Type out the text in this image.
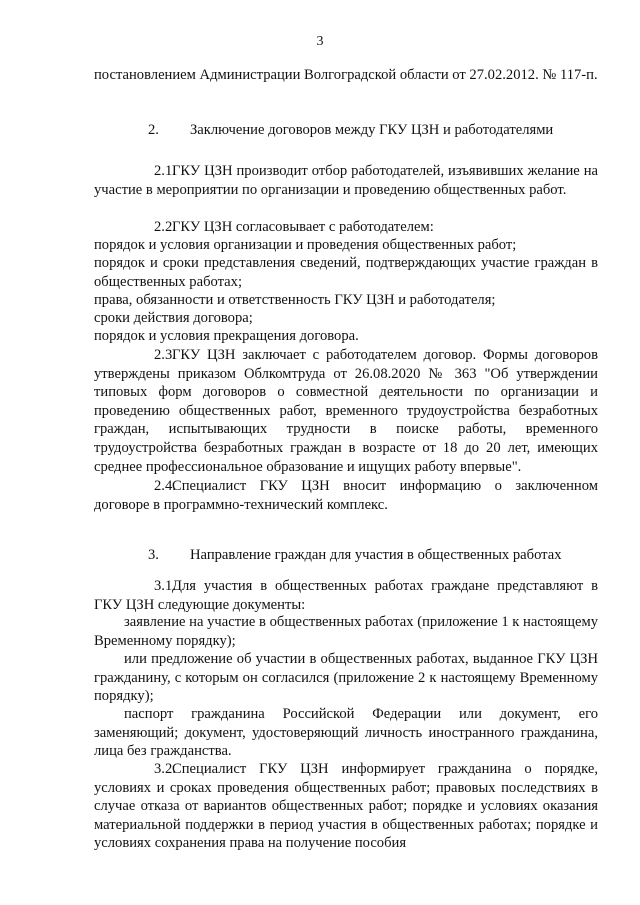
3
постановлением Администрации Волгоградской области от 27.02.2012. № 117-п.
2. Заключение договоров между ГКУ ЦЗН и работодателями
2.1.ГКУ ЦЗН производит отбор работодателей, изъявивших желание на участие в мероприятии по организации и проведению общественных работ.
2.2.ГКУ ЦЗН согласовывает с работодателем:
порядок и условия организации и проведения общественных работ;
порядок и сроки представления сведений, подтверждающих участие граждан в общественных работах;
права, обязанности и ответственность ГКУ ЦЗН и работодателя;
сроки действия договора;
порядок и условия прекращения договора.
2.3.ГКУ ЦЗН заключает с работодателем договор. Формы договоров утверждены приказом Облкомтруда от 26.08.2020 № 363 "Об утверждении типовых форм договоров о совместной деятельности по организации и проведению общественных работ, временного трудоустройства безработных граждан, испытывающих трудности в поиске работы, временного трудоустройства безработных граждан в возрасте от 18 до 20 лет, имеющих среднее профессиональное образование и ищущих работу впервые".
2.4.Специалист ГКУ ЦЗН вносит информацию о заключенном договоре в программно-технический комплекс.
3. Направление граждан для участия в общественных работах
3.1.Для участия в общественных работах граждане представляют в ГКУ ЦЗН следующие документы:
заявление на участие в общественных работах (приложение 1 к настоящему Временному порядку);
или предложение об участии в общественных работах, выданное ГКУ ЦЗН гражданину, с которым он согласился (приложение 2 к настоящему Временному порядку);
паспорт гражданина Российской Федерации или документ, его заменяющий; документ, удостоверяющий личность иностранного гражданина, лица без гражданства.
3.2.Специалист ГКУ ЦЗН информирует гражданина о порядке, условиях и сроках проведения общественных работ; правовых последствиях в случае отказа от вариантов общественных работ; порядке и условиях оказания материальной поддержки в период участия в общественных работах; порядке и условиях сохранения права на получение пособия
